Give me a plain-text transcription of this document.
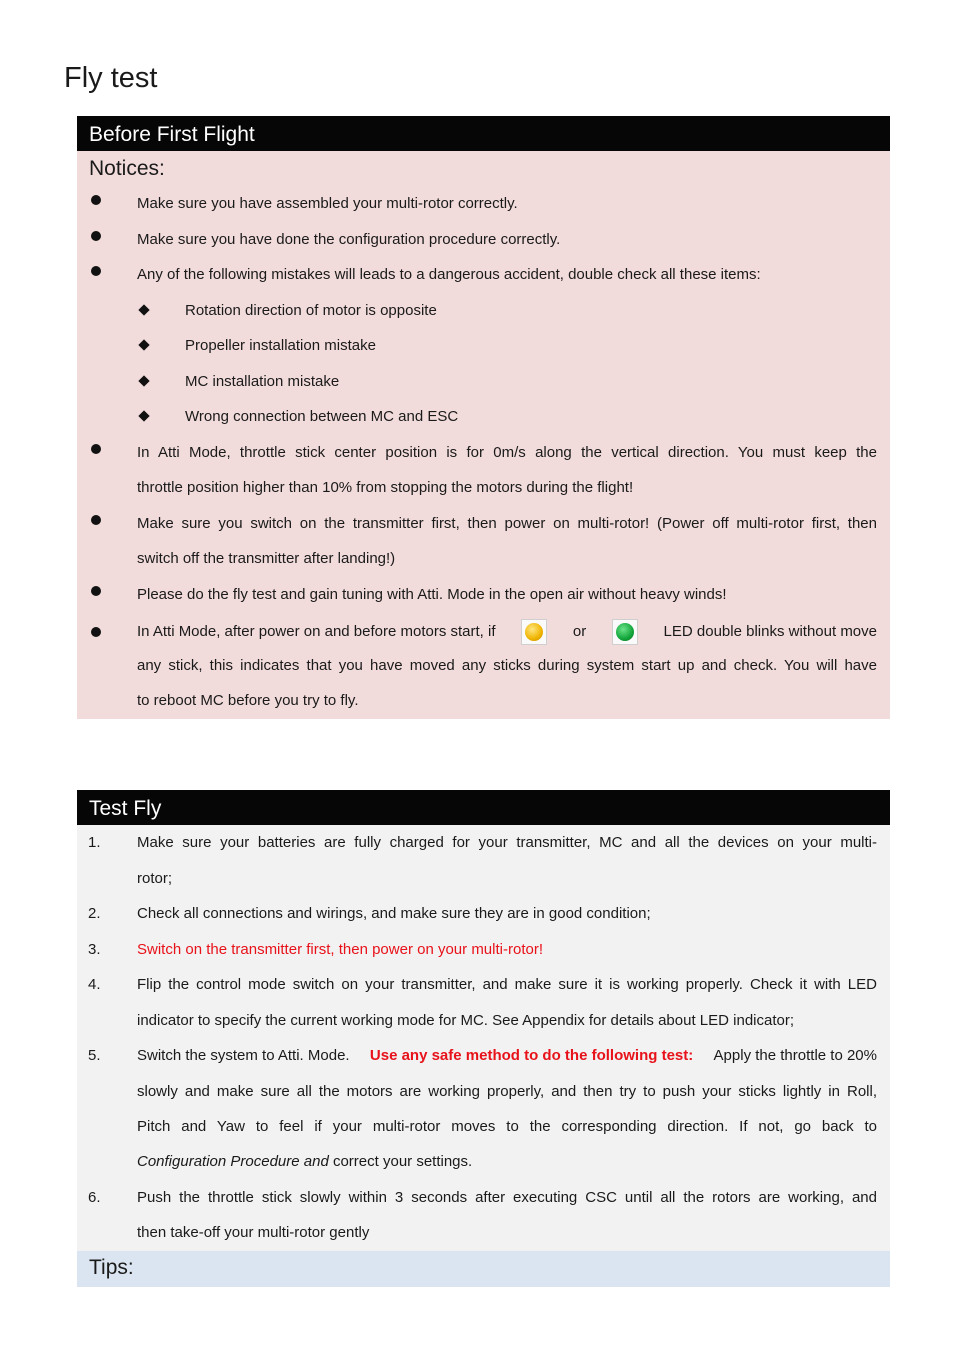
Fly test
Before First Flight
Notices:
Make sure you have assembled your multi-rotor correctly.
Make sure you have done the configuration procedure correctly.
Any of the following mistakes will leads to a dangerous accident, double check all these items:
Rotation direction of motor is opposite
Propeller installation mistake
MC installation mistake
Wrong connection between MC and ESC
In Atti Mode, throttle stick center position is for 0m/s along the vertical direction. You must keep the
throttle position higher than 10% from stopping the motors during the flight!
Make sure you switch on the transmitter first, then power on multi-rotor! (Power off multi-rotor first, then
switch off the transmitter after landing!)
Please do the fly test and gain tuning with Atti. Mode in the open air without heavy winds!
In Atti Mode, after power on and before motors start, if	or	LED double blinks without move
any stick, this indicates that you have moved any sticks during system start up and check. You will have
to reboot MC before you try to fly.
Test Fly
1. Make sure your batteries are fully charged for your transmitter, MC and all the devices on your multi-
rotor;
2. Check all connections and wirings, and make sure they are in good condition;
3. Switch on the transmitter first, then power on your multi-rotor!
4. Flip the control mode switch on your transmitter, and make sure it is working properly. Check it with LED
indicator to specify the current working mode for MC. See Appendix for details about LED indicator;
5. Switch the system to Atti. Mode. Use any safe method to do the following test: Apply the throttle to 20%
slowly and make sure all the motors are working properly, and then try to push your sticks lightly in Roll,
Pitch and Yaw to feel if your multi-rotor moves to the corresponding direction. If not, go back to
Configuration Procedure and correct your settings.
6. Push the throttle stick slowly within 3 seconds after executing CSC until all the rotors are working, and
then take-off your multi-rotor gently
Tips:
